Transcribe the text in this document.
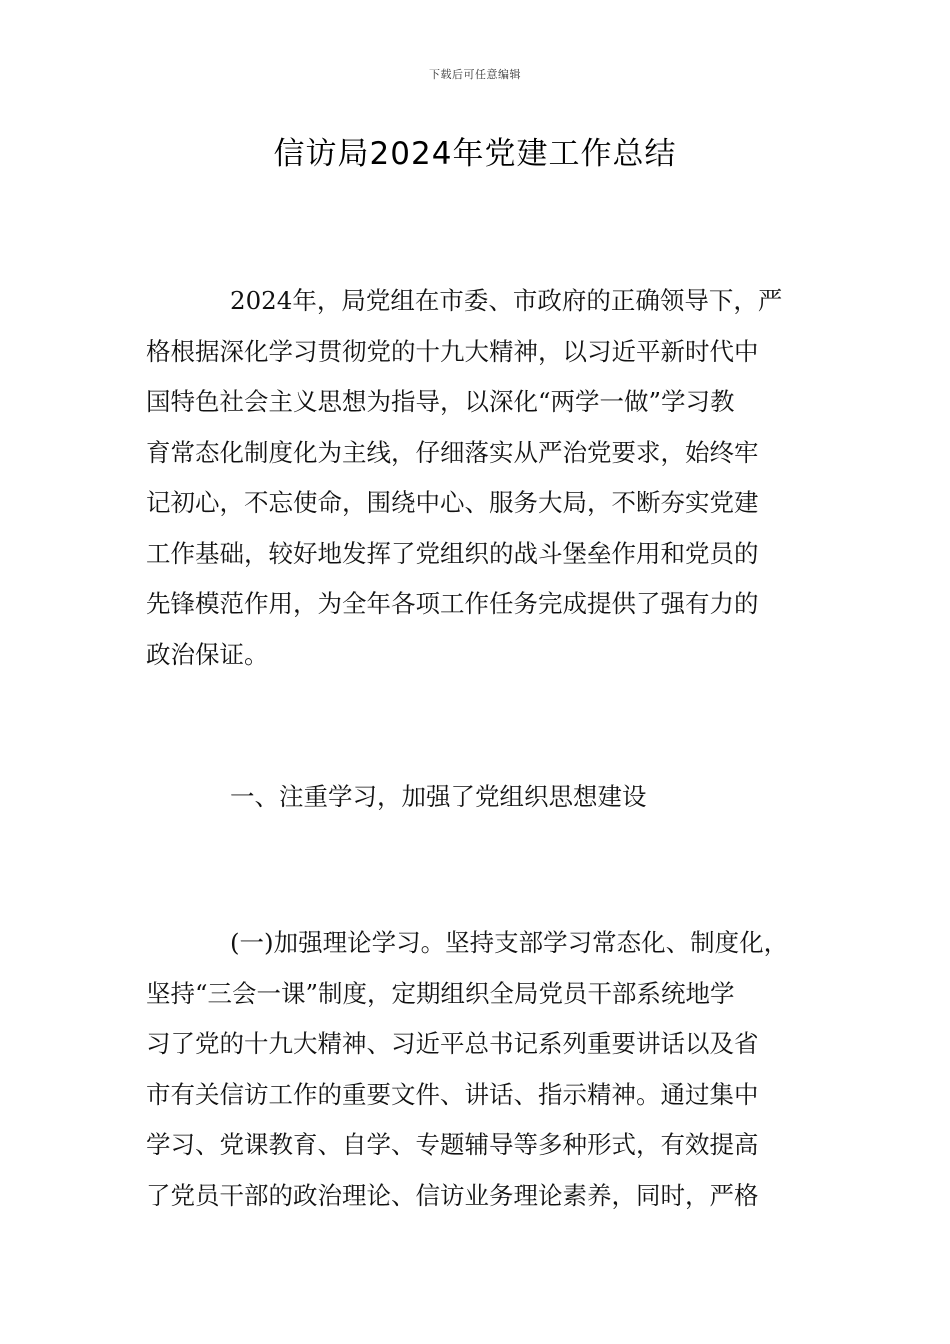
下载后可任意编辑
信访局2024年党建工作总结
2024年，局党组在市委、市政府的正确领导下，严
格根据深化学习贯彻党的十九大精神，以习近平新时代中
国特色社会主义思想为指导，以深化“两学一做”学习教
育常态化制度化为主线，仔细落实从严治党要求，始终牢
记初心，不忘使命，围绕中心、服务大局，不断夯实党建
工作基础，较好地发挥了党组织的战斗堡垒作用和党员的
先锋模范作用，为全年各项工作任务完成提供了强有力的
政治保证。
一、注重学习，加强了党组织思想建设
(一)加强理论学习。坚持支部学习常态化、制度化，
坚持“三会一课”制度，定期组织全局党员干部系统地学
习了党的十九大精神、习近平总书记系列重要讲话以及省
市有关信访工作的重要文件、讲话、指示精神。通过集中
学习、党课教育、自学、专题辅导等多种形式，有效提高
了党员干部的政治理论、信访业务理论素养，同时，严格
